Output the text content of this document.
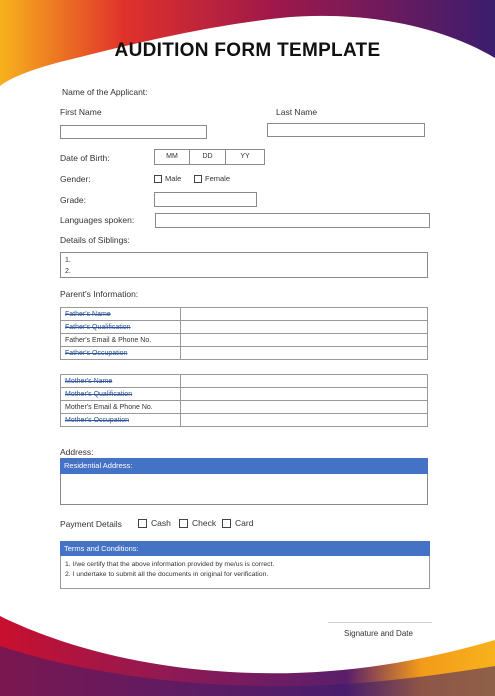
AUDITION FORM TEMPLATE
Name of the Applicant:
First Name	Last Name
Date of Birth:	MM	DD	YY
Gender:	Male	Female
Grade:
Languages spoken:
Details of Siblings:
1.
2.
Parent's Information:
Father's Name	
Father's Qualification	
Father's Email & Phone No.	
Father's Occupation	
Mother's Name	
Mother's Qualification	
Mother's Email & Phone No.	
Mother's Occupation	
Address:
Residential Address:
Payment Details	Cash	Check	Card
Terms and Conditions:
1. I/we certify that the above information provided by me/us is correct.
2. I undertake to submit all the documents in original for verification.
Signature and Date
